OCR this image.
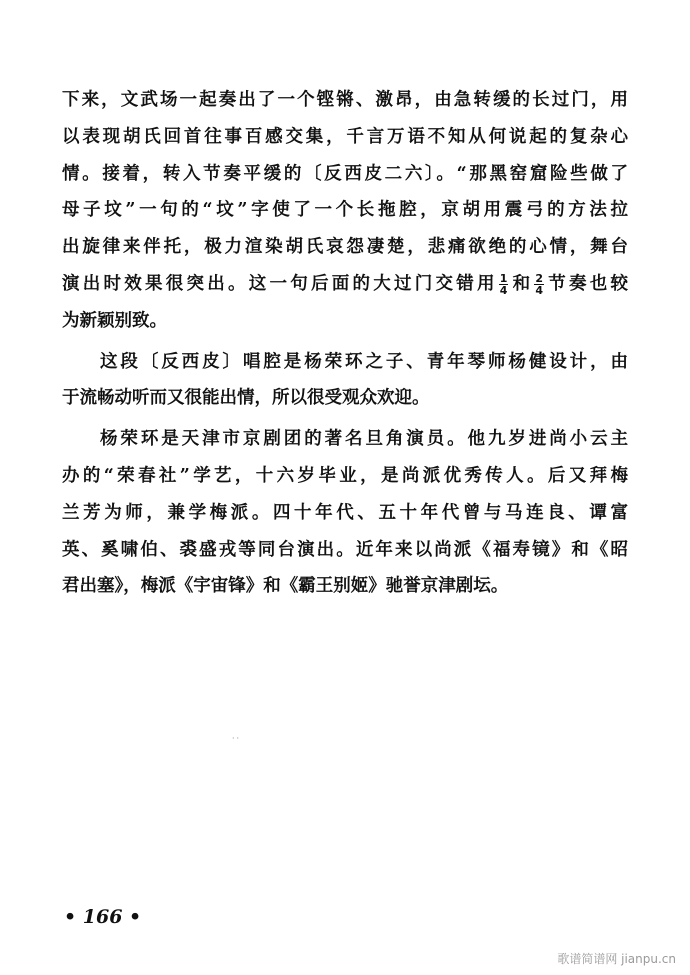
下来，文武场一起奏出了一个铿锵、激昂，由急转缓的长过门，用
以表现胡氏回首往事百感交集，千言万语不知从何说起的复杂心
情。接着，转入节奏平缓的〔反西皮二六〕。“那黑窑窟险些做了
母子坟”一句的“坟”字使了一个长拖腔，京胡用震弓的方法拉
出旋律来伴托，极力渲染胡氏哀怨凄楚，悲痛欲绝的心情，舞台
演出时效果很突出。这一句后面的大过门交错用 $\frac{1}{4}$ 和 $\frac{2}{4}$ 节奏也较
为新颖别致。
这段〔反西皮〕唱腔是杨荣环之子、青年琴师杨健设计，由
于流畅动听而又很能出情，所以很受观众欢迎。
杨荣环是天津市京剧团的著名旦角演员。他九岁进尚小云主
办的“荣春社”学艺，十六岁毕业，是尚派优秀传人。后又拜梅
兰芳为师，兼学梅派。四十年代、五十年代曾与马连良、谭富
英、奚啸伯、裘盛戎等同台演出。近年来以尚派《福寿镜》和《昭
君出塞》，梅派《宇宙锋》和《霸王别姬》驰誉京津剧坛。
··
• 166 •
歌谱简谱网 jianpu.cn
